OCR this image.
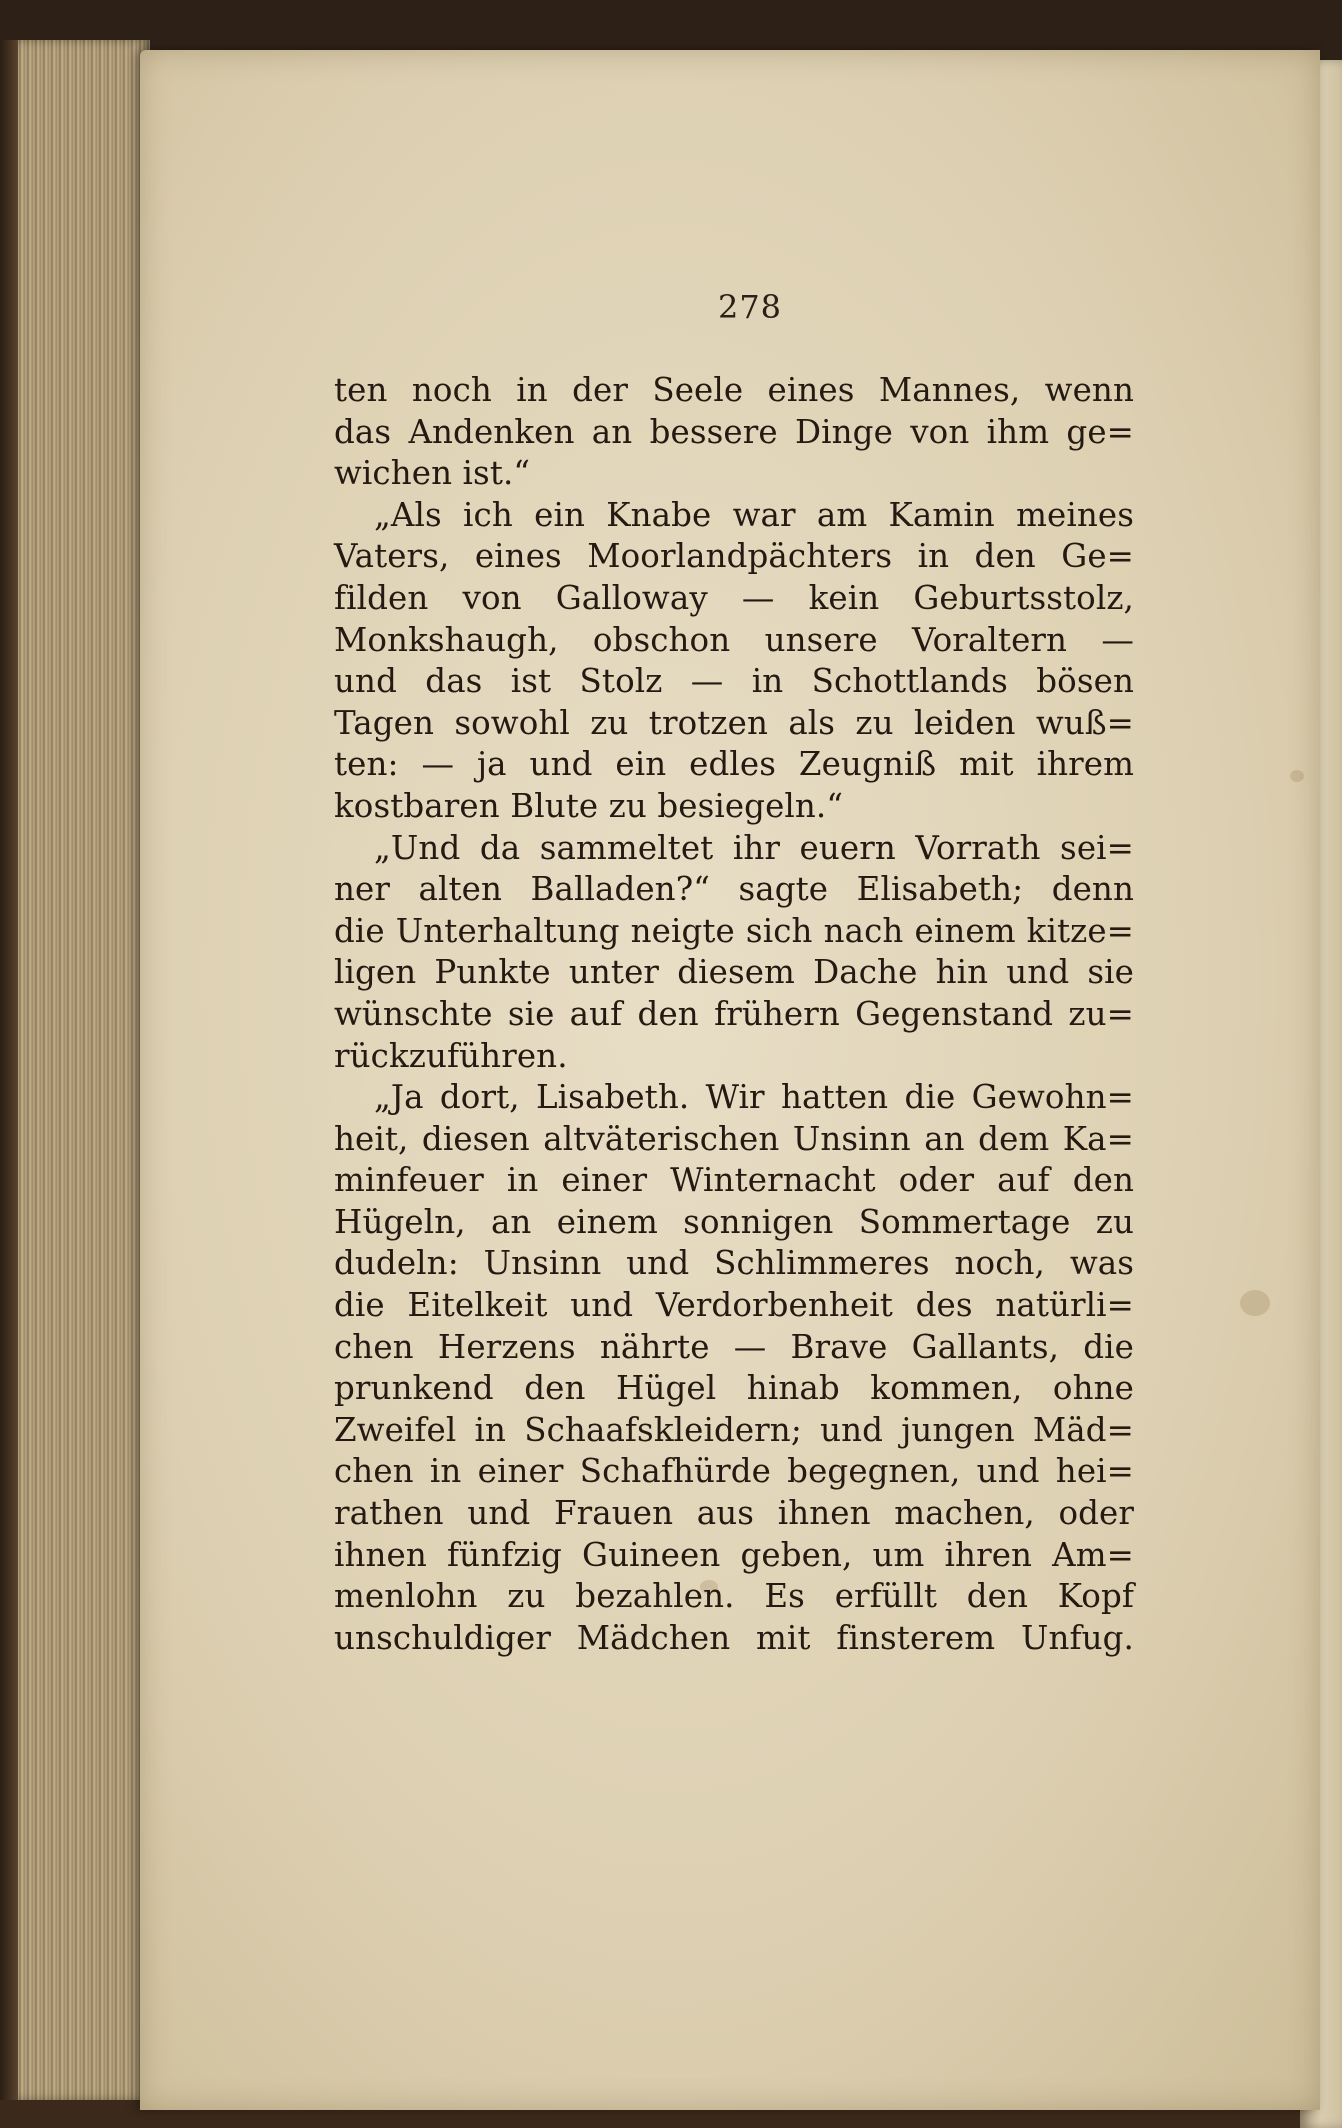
278
ten noch in der Seele eines Mannes, wenn
das Andenken an bessere Dinge von ihm ge=
wichen ist.“
„Als ich ein Knabe war am Kamin meines
Vaters, eines Moorlandpächters in den Ge=
filden von Galloway — kein Geburtsstolz,
Monkshaugh, obschon unsere Voraltern —
und das ist Stolz — in Schottlands bösen
Tagen sowohl zu trotzen als zu leiden wuß=
ten: — ja und ein edles Zeugniß mit ihrem
kostbaren Blute zu besiegeln.“
„Und da sammeltet ihr euern Vorrath sei=
ner alten Balladen?“ sagte Elisabeth; denn
die Unterhaltung neigte sich nach einem kitze=
ligen Punkte unter diesem Dache hin und sie
wünschte sie auf den frühern Gegenstand zu=
rückzuführen.
„Ja dort, Lisabeth. Wir hatten die Gewohn=
heit, diesen altväterischen Unsinn an dem Ka=
minfeuer in einer Winternacht oder auf den
Hügeln, an einem sonnigen Sommertage zu
dudeln: Unsinn und Schlimmeres noch, was
die Eitelkeit und Verdorbenheit des natürli=
chen Herzens nährte — Brave Gallants, die
prunkend den Hügel hinab kommen, ohne
Zweifel in Schaafskleidern; und jungen Mäd=
chen in einer Schafhürde begegnen, und hei=
rathen und Frauen aus ihnen machen, oder
ihnen fünfzig Guineen geben, um ihren Am=
menlohn zu bezahlen. Es erfüllt den Kopf
unschuldiger Mädchen mit finsterem Unfug.
